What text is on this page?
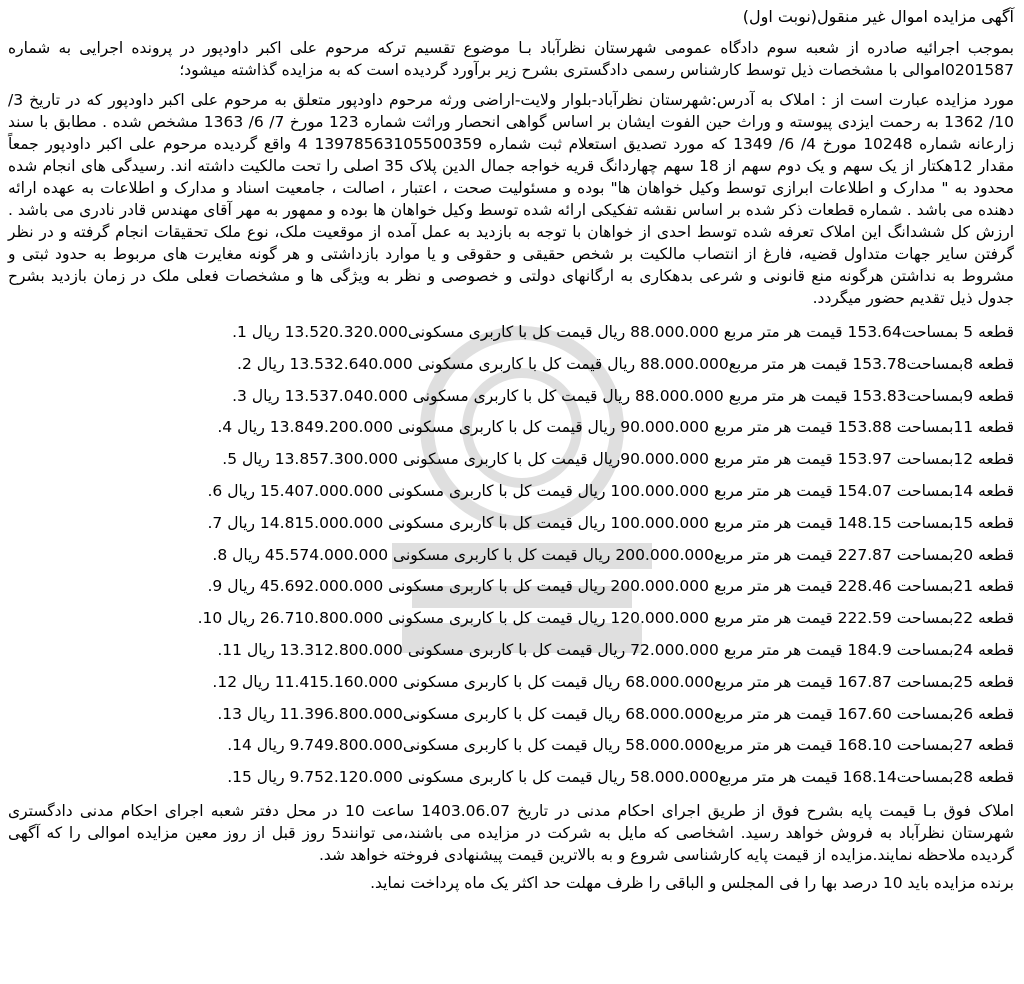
آگهی مزایده اموال غیر منقول(نوبت اول)

بموجب اجرائیه صادره از شعبه سوم دادگاه عمومی شهرستان نظرآباد بـا موضوع تقسیم ترکه مرحوم علی اکبر داودپور در پرونده اجرایی به شماره 0201587اموالی با مشخصات ذیل توسط کارشناس رسمی دادگستری بشرح زیر برآورد گردیده است که به مزایده گذاشته میشود؛

مورد مزایده عبارت است از : املاک به آدرس:شهرستان نظرآباد-بلوار ولایت-اراضی ورثه مرحوم داودپور متعلق به مرحوم علی اکبر داودپور که در تاریخ 3/ 10/ 1362 به رحمت ایزدی پیوسته و وراث حین الفوت ایشان بر اساس گواهی انحصار وراثت شماره 123 مورخ 7/ 6/ 1363 مشخص شده . مطابق با سند زارعانه شماره 10248 مورخ 4/ 6/ 1349 که مورد تصدیق استعلام ثبت شماره 13978563105500359 4 واقع گردیده مرحوم علی اکبر داودپور جمعاً مقدار 12هکتار از یک سهم و یک دوم سهم از 18 سهم چهاردانگ قریه خواجه جمال الدین پلاک 35 اصلی را تحت مالکیت داشته اند. رسیدگی های انجام شده محدود به " مدارک و اطلاعات ابرازی توسط وکیل خواهان ها" بوده و مسئولیت صحت ، اعتبار ، اصالت ، جامعیت اسناد و مدارک و اطلاعات به عهده ارائه دهنده می باشد . شماره قطعات ذکر شده بر اساس نقشه تفکیکی ارائه شده توسط وکیل خواهان ها بوده و ممهور به مهر آقای مهندس قادر نادری می باشد . ارزش کل ششدانگ این املاک تعرفه شده توسط احدی از خواهان با توجه به بازدید به عمل آمده از موقعیت ملک، نوع ملک تحقیقات انجام گرفته و در نظر گرفتن سایر جهات متداول قضیه، فارغ از انتصاب مالکیت بر شخص حقیقی و حقوقی و یا موارد بازداشتی و هر گونه مغایرت های مربوط به حدود ثبتی و مشروط به نداشتن هرگونه منع قانونی و شرعی بدهکاری به ارگانهای دولتی و خصوصی و نظر به ویژگی ها و مشخصات فعلی ملک در زمان بازدید بشرح جدول ذیل تقدیم حضور میگردد.

قطعه 5 بمساحت153.64 قیمت هر متر مربع 88.000.000 ریال قیمت کل با کاربری مسکونی13.520.320.000 ریال 1.
قطعه 8بمساحت153.78 قیمت هر متر مربع88.000.000 ریال قیمت کل با کاربری مسکونی 13.532.640.000 ریال 2.
قطعه 9بمساحت153.83 قیمت هر متر مربع 88.000.000 ریال قیمت کل با کاربری مسکونی 13.537.040.000 ریال 3.
قطعه 11بمساحت 153.88 قیمت هر متر مربع 90.000.000 ریال قیمت کل با کاربری مسکونی 13.849.200.000 ریال 4.
قطعه 12بمساحت 153.97 قیمت هر متر مربع 90.000.000ریال قیمت کل با کاربری مسکونی 13.857.300.000 ریال 5.
قطعه 14بمساحت 154.07 قیمت هر متر مربع 100.000.000 ریال قیمت کل با کاربری مسکونی 15.407.000.000 ریال 6.
قطعه 15بمساحت 148.15 قیمت هر متر مربع 100.000.000 ریال قیمت کل با کاربری مسکونی 14.815.000.000 ریال 7.
قطعه 20بمساحت 227.87 قیمت هر متر مربع200.000.000 ریال قیمت کل با کاربری مسکونی 45.574.000.000 ریال 8.
قطعه 21بمساحت 228.46 قیمت هر متر مربع 200.000.000 ریال قیمت کل با کاربری مسکونی 45.692.000.000 ریال 9.
قطعه 22بمساحت 222.59 قیمت هر متر مربع 120.000.000 ریال قیمت کل با کاربری مسکونی 26.710.800.000 ریال 10.
قطعه 24بمساحت 184.9 قیمت هر متر مربع 72.000.000 ریال قیمت کل با کاربری مسکونی 13.312.800.000 ریال 11.
قطعه 25بمساحت 167.87 قیمت هر متر مربع68.000.000 ریال قیمت کل با کاربری مسکونی 11.415.160.000 ریال 12.
قطعه 26بمساحت 167.60 قیمت هر متر مربع68.000.000 ریال قیمت کل با کاربری مسکونی11.396.800.000 ریال 13.
قطعه 27بمساحت 168.10 قیمت هر متر مربع58.000.000 ریال قیمت کل با کاربری مسکونی9.749.800.000 ریال 14.
قطعه 28بمساحت168.14 قیمت هر متر مربع58.000.000 ریال قیمت کل با کاربری مسکونی 9.752.120.000 ریال 15.

املاک فوق بـا قیمت پایه بشرح فوق از طریق اجرای احکام مدنی در تاریخ 1403.06.07 ساعت 10 در محل دفتر شعبه اجرای احکام مدنی دادگستری شهرستان نظرآباد به فروش خواهد رسید. اشخاصی که مایل به شرکت در مزایده می باشند،می توانند5 روز قبل از روز معین مزایده اموالی را که آگهی گردیده ملاحظه نمایند.مزایده از قیمت پایه کارشناسی شروع و به بالاترین قیمت پیشنهادی فروخته خواهد شد.

برنده مزایده باید 10 درصد بها را فی المجلس و الباقی را ظرف مهلت حد اکثر یک ماه پرداخت نماید.
